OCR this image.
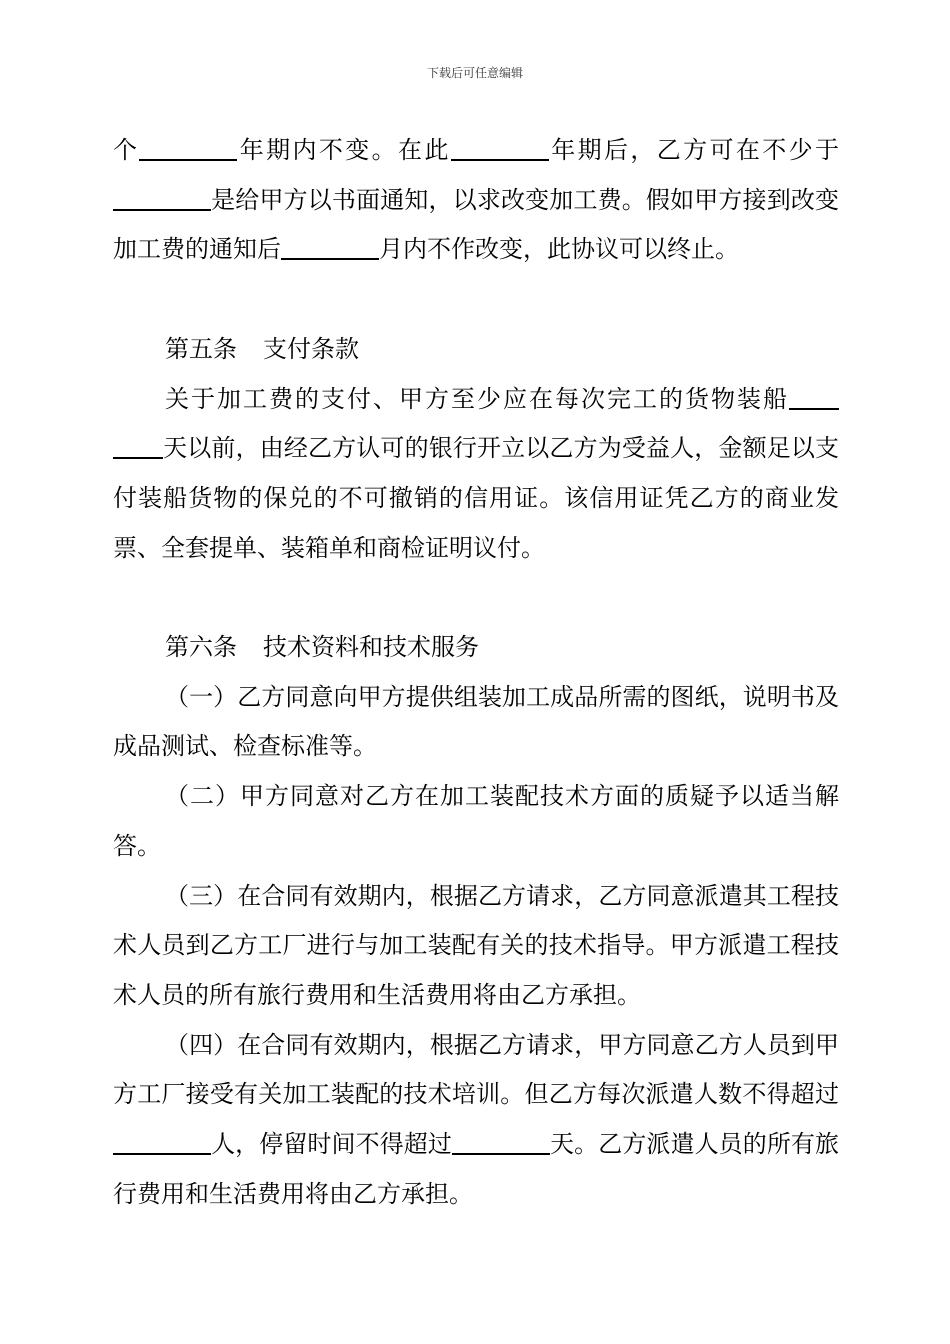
下载后可任意编辑

个	年期内不变。在此	年期后，乙方可在不少于是给甲方以书面通知，以求改变加工费。假如甲方接到改变加工费的通知后	月内不作改变，此协议可以终止。

第五条 支付条款

关于加工费的支付、甲方至少应在每次完工的货物装船天以前，由经乙方认可的银行开立以乙方为受益人，金额足以支付装船货物的保兑的不可撤销的信用证。该信用证凭乙方的商业发票、全套提单、装箱单和商检证明议付。

第六条 技术资料和技术服务

（一）乙方同意向甲方提供组装加工成品所需的图纸，说明书及成品测试、检查标准等。

（二）甲方同意对乙方在加工装配技术方面的质疑予以适当解答。

（三）在合同有效期内，根据乙方请求，乙方同意派遣其工程技术人员到乙方工厂进行与加工装配有关的技术指导。甲方派遣工程技术人员的所有旅行费用和生活费用将由乙方承担。

（四）在合同有效期内，根据乙方请求，甲方同意乙方人员到甲方工厂接受有关加工装配的技术培训。但乙方每次派遣人数不得超过人，停留时间不得超过	天。乙方派遣人员的所有旅行费用和生活费用将由乙方承担。
